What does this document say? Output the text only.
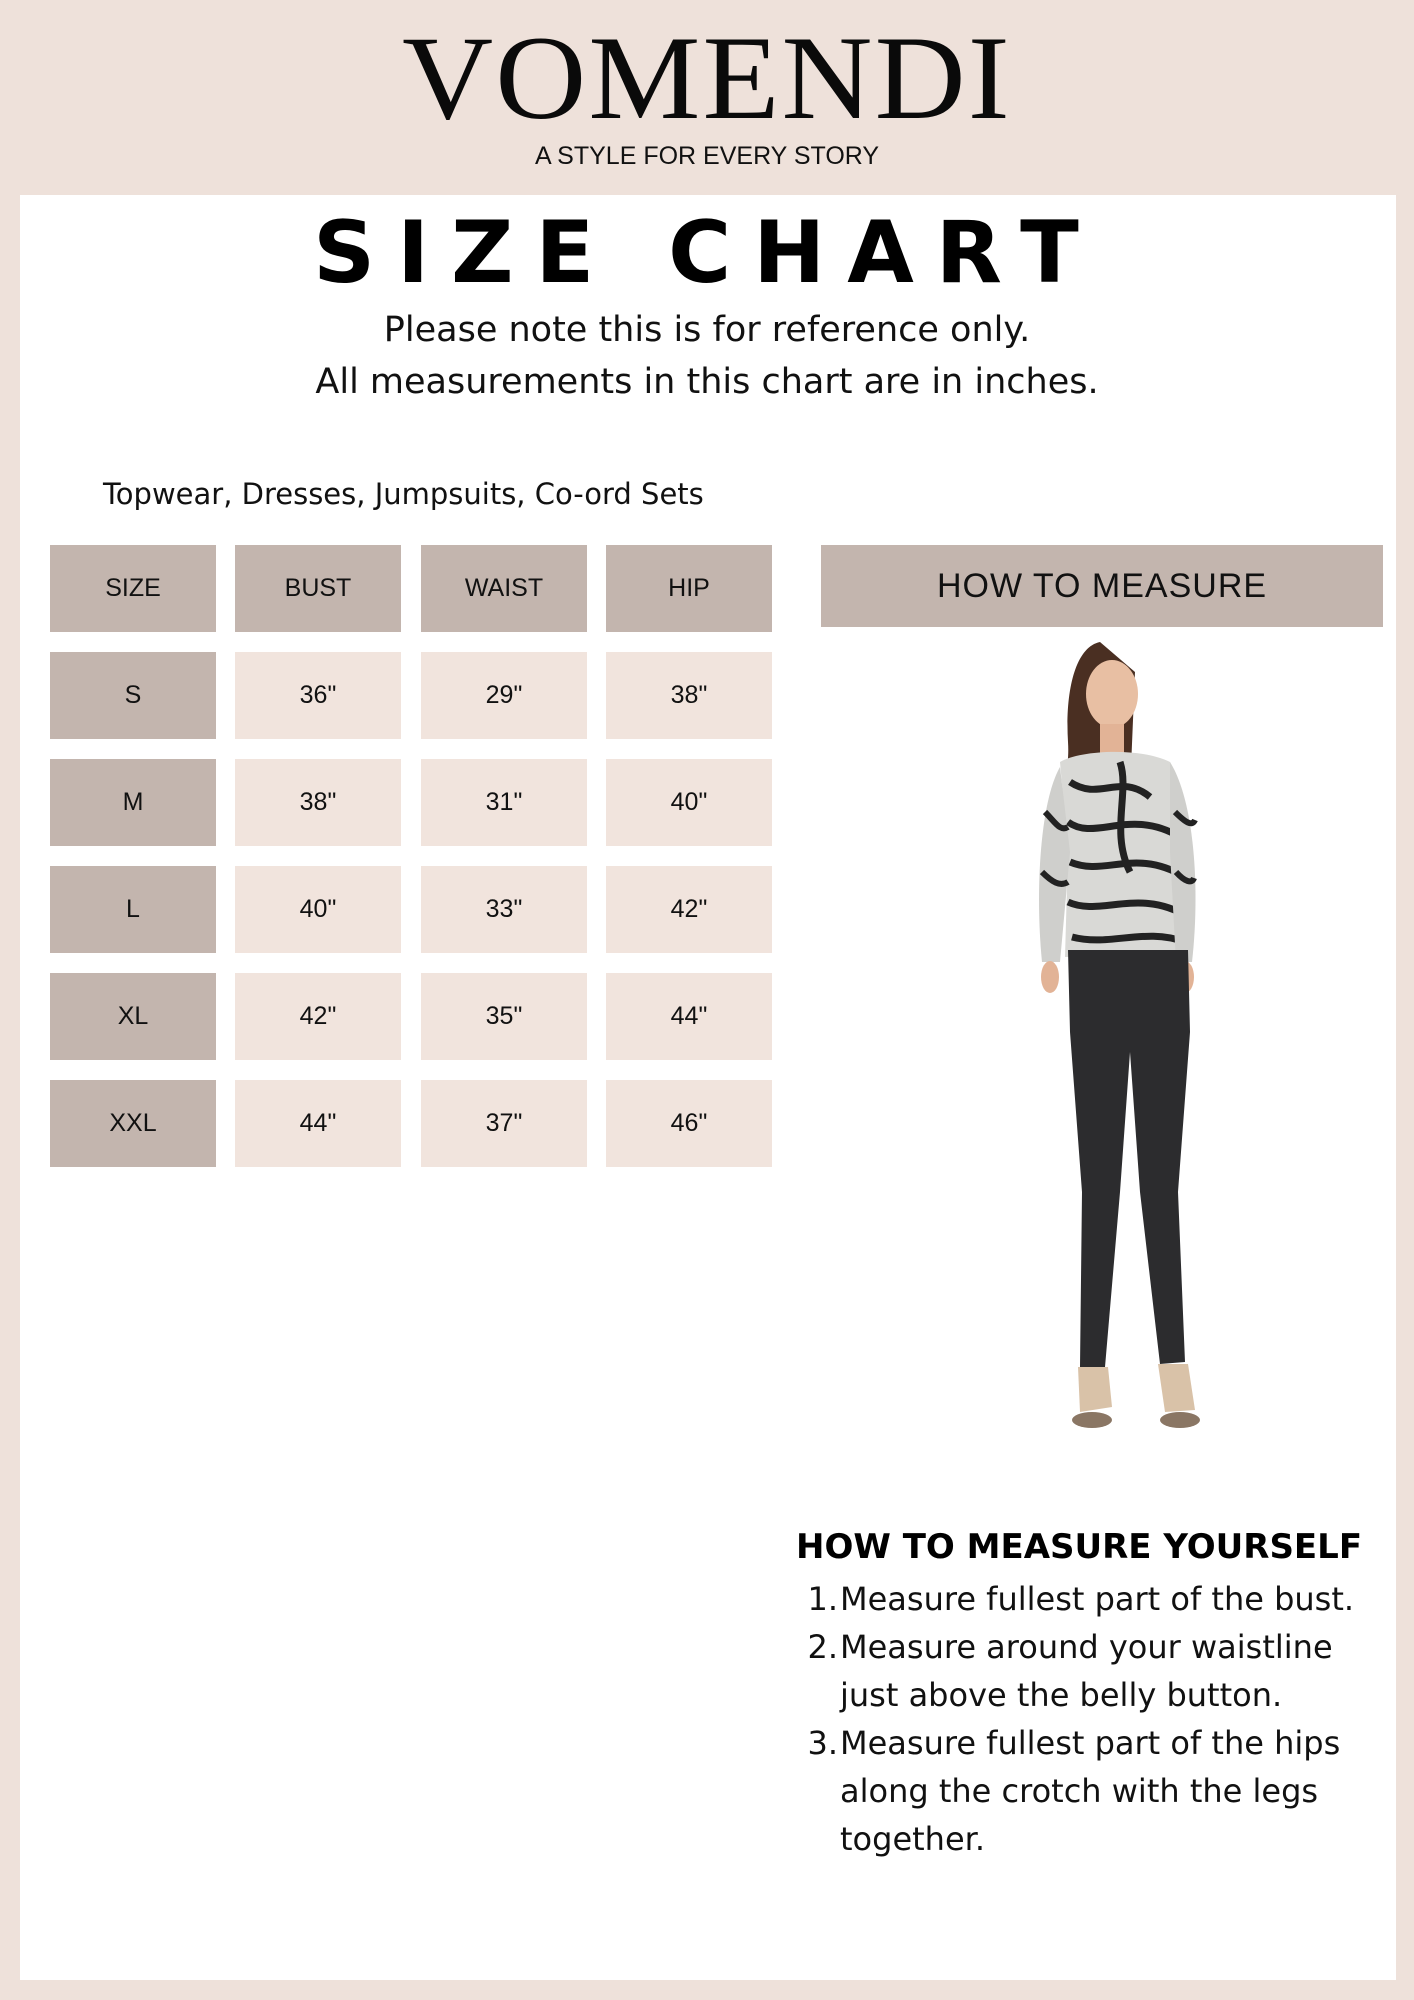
VOMENDI
A STYLE FOR EVERY STORY
SIZE CHART
Please note this is for reference only.
All measurements in this chart are in inches.
Topwear, Dresses, Jumpsuits, Co-ord Sets
SIZE	BUST	WAIST	HIP
S	36"	29"	38"
M	38"	31"	40"
L	40"	33"	42"
XL	42"	35"	44"
XXL	44"	37"	46"
HOW TO MEASURE
HOW TO MEASURE YOURSELF
1. Measure fullest part of the bust.
2. Measure around your waistline just above the belly button.
3. Measure fullest part of the hips along the crotch with the legs together.
